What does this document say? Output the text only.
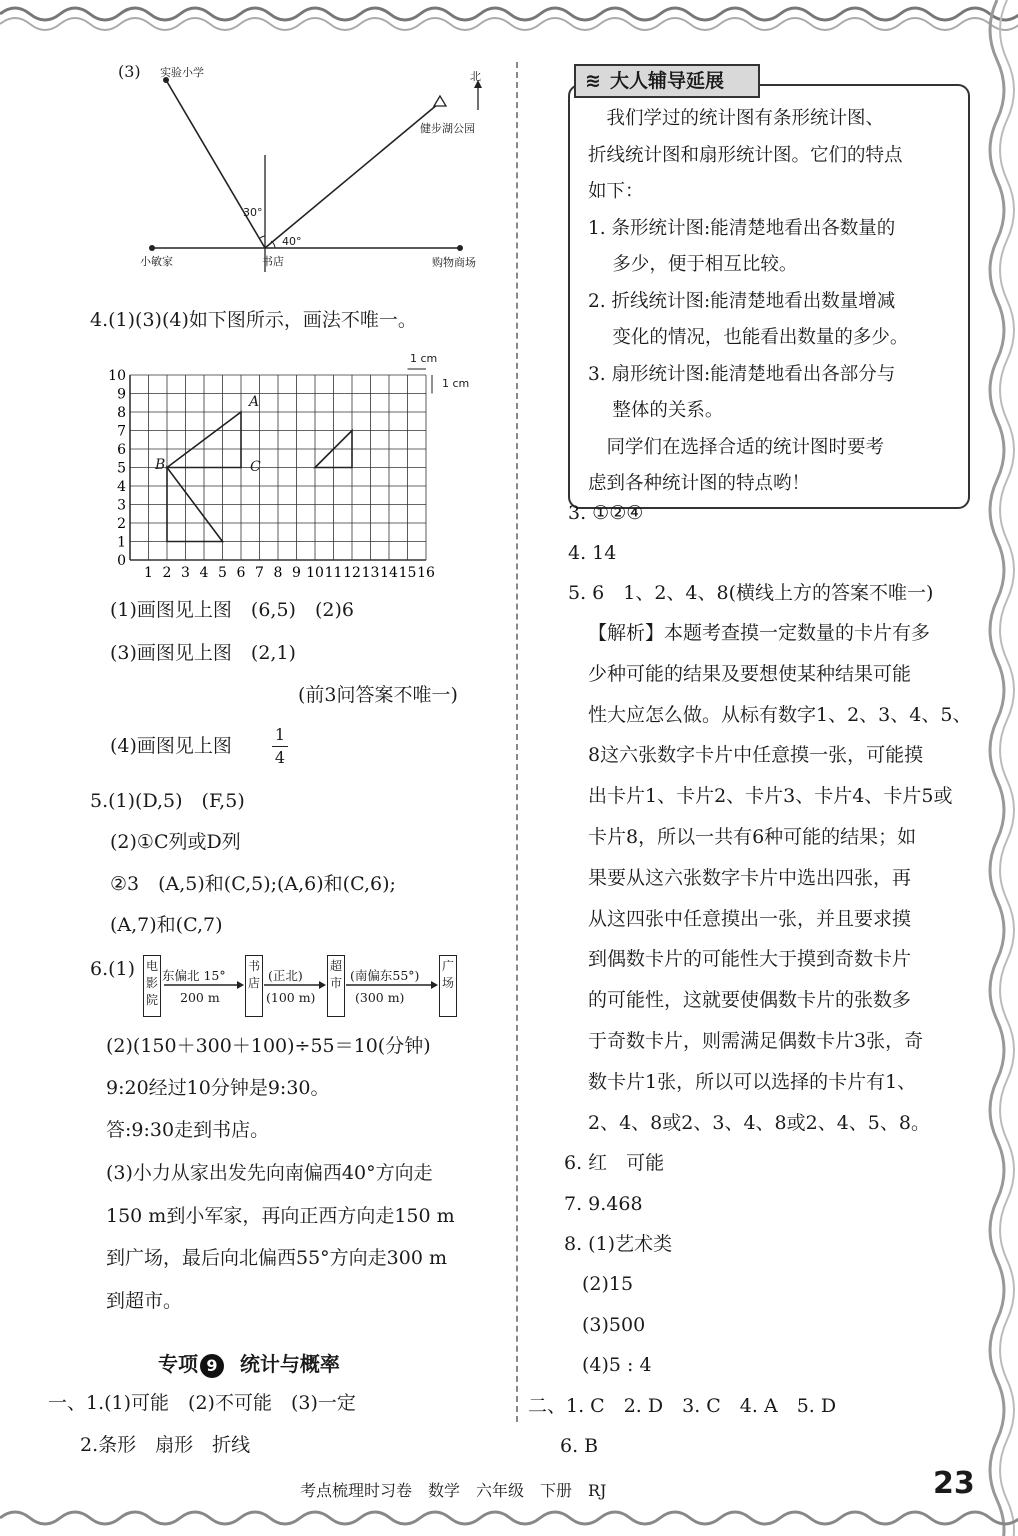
(3) 实验小学
健步湖公园
北
30°
40°
小敏家	书店	购物商场
4.(1)(3)(4)如下图所示，画法不唯一。
10
9
8
7
6
5
4
3
2
1
0
1 2 3 4 5 6 7 8 9 10 11 12 13 14 15 16
1 cm
1 cm
A
B	C
(1)画图见上图　(6,5)　(2)6
(3)画图见上图　(2,1)
(前3问答案不唯一)
(4)画图见上图
1
4
5.(1)(D,5)　(F,5)
(2)①C列或D列
②3　(A,5)和(C,5);(A,6)和(C,6);
(A,7)和(C,7)
6.(1) 电影院
书店
超市
广场
东偏北 15°
200 m
(正北)
(100 m)
(南偏东55°)
(300 m)
(2)(150＋300＋100)÷55＝10(分钟)
9:20经过10分钟是9:30。
答:9:30走到书店。
(3)小力从家出发先向南偏西40°方向走
150 m到小军家，再向正西方向走150 m
到广场，最后向北偏西55°方向走300 m
到超市。
专项 9 统计与概率
一、1.(1)可能　(2)不可能　(3)一定
2.条形　扇形　折线
≋ 大人辅导延展
　我们学过的统计图有条形统计图、
折线统计图和扇形统计图。它们的特点
如下：
1. 条形统计图:能清楚地看出各数量的
　 多少，便于相互比较。
2. 折线统计图:能清楚地看出数量增减
　 变化的情况，也能看出数量的多少。
3. 扇形统计图:能清楚地看出各部分与
　 整体的关系。
　同学们在选择合适的统计图时要考
虑到各种统计图的特点哟！
3. ①②④
4. 14
5. 6　1、2、4、8(横线上方的答案不唯一)
【解析】本题考查摸一定数量的卡片有多
少种可能的结果及要想使某种结果可能
性大应怎么做。从标有数字1、2、3、4、5、
8这六张数字卡片中任意摸一张，可能摸
出卡片1、卡片2、卡片3、卡片4、卡片5或
卡片8，所以一共有6种可能的结果；如
果要从这六张数字卡片中选出四张，再
从这四张中任意摸出一张，并且要求摸
到偶数卡片的可能性大于摸到奇数卡片
的可能性，这就要使偶数卡片的张数多
于奇数卡片，则需满足偶数卡片3张，奇
数卡片1张，所以可以选择的卡片有1、
2、4、8或2、3、4、8或2、4、5、8。
6. 红　可能
7. 9.468
8. (1)艺术类
(2)15
(3)500
(4)5 : 4
二、1. C　2. D　3. C　4. A　5. D
6. B
考点梳理时习卷　数学　六年级　下册　RJ	23
